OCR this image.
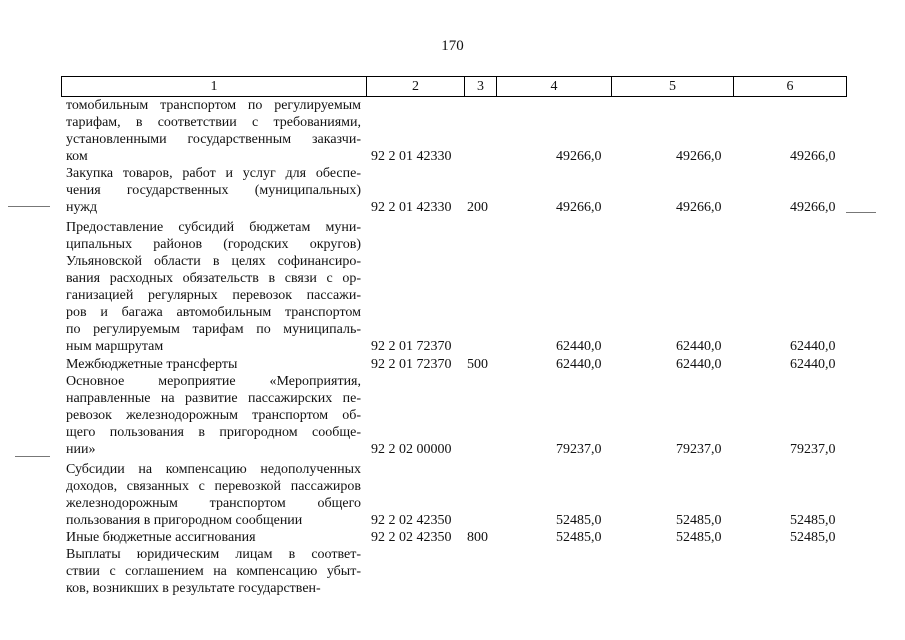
170
1	2	3	4	5	6
томобильным транспортом по регулируемым
тарифам, в соответствии с требованиями,
установленными государственным заказчи-
ком	92 2 01 42330	49266,0	49266,0	49266,0
Закупка товаров, работ и услуг для обеспе-
чения государственных (муниципальных)
нужд	92 2 01 42330 200	49266,0	49266,0	49266,0
Предоставление субсидий бюджетам муни-
ципальных районов (городских округов)
Ульяновской области в целях софинансиро-
вания расходных обязательств в связи с ор-
ганизацией регулярных перевозок пассажи-
ров и багажа автомобильным транспортом
по регулируемым тарифам по муниципаль-
ным маршрутам	92 2 01 72370	62440,0	62440,0	62440,0
Межбюджетные трансферты	92 2 01 72370 500	62440,0	62440,0	62440,0
Основное мероприятие «Мероприятия,
направленные на развитие пассажирских пе-
ревозок железнодорожным транспортом об-
щего пользования в пригородном сообще-
нии»	92 2 02 00000	79237,0	79237,0	79237,0
Субсидии на компенсацию недополученных
доходов, связанных с перевозкой пассажиров
железнодорожным транспортом общего
пользования в пригородном сообщении	92 2 02 42350	52485,0	52485,0	52485,0
Иные бюджетные ассигнования	92 2 02 42350 800	52485,0	52485,0	52485,0
Выплаты юридическим лицам в соответ-
ствии с соглашением на компенсацию убыт-
ков, возникших в результате государствен-
